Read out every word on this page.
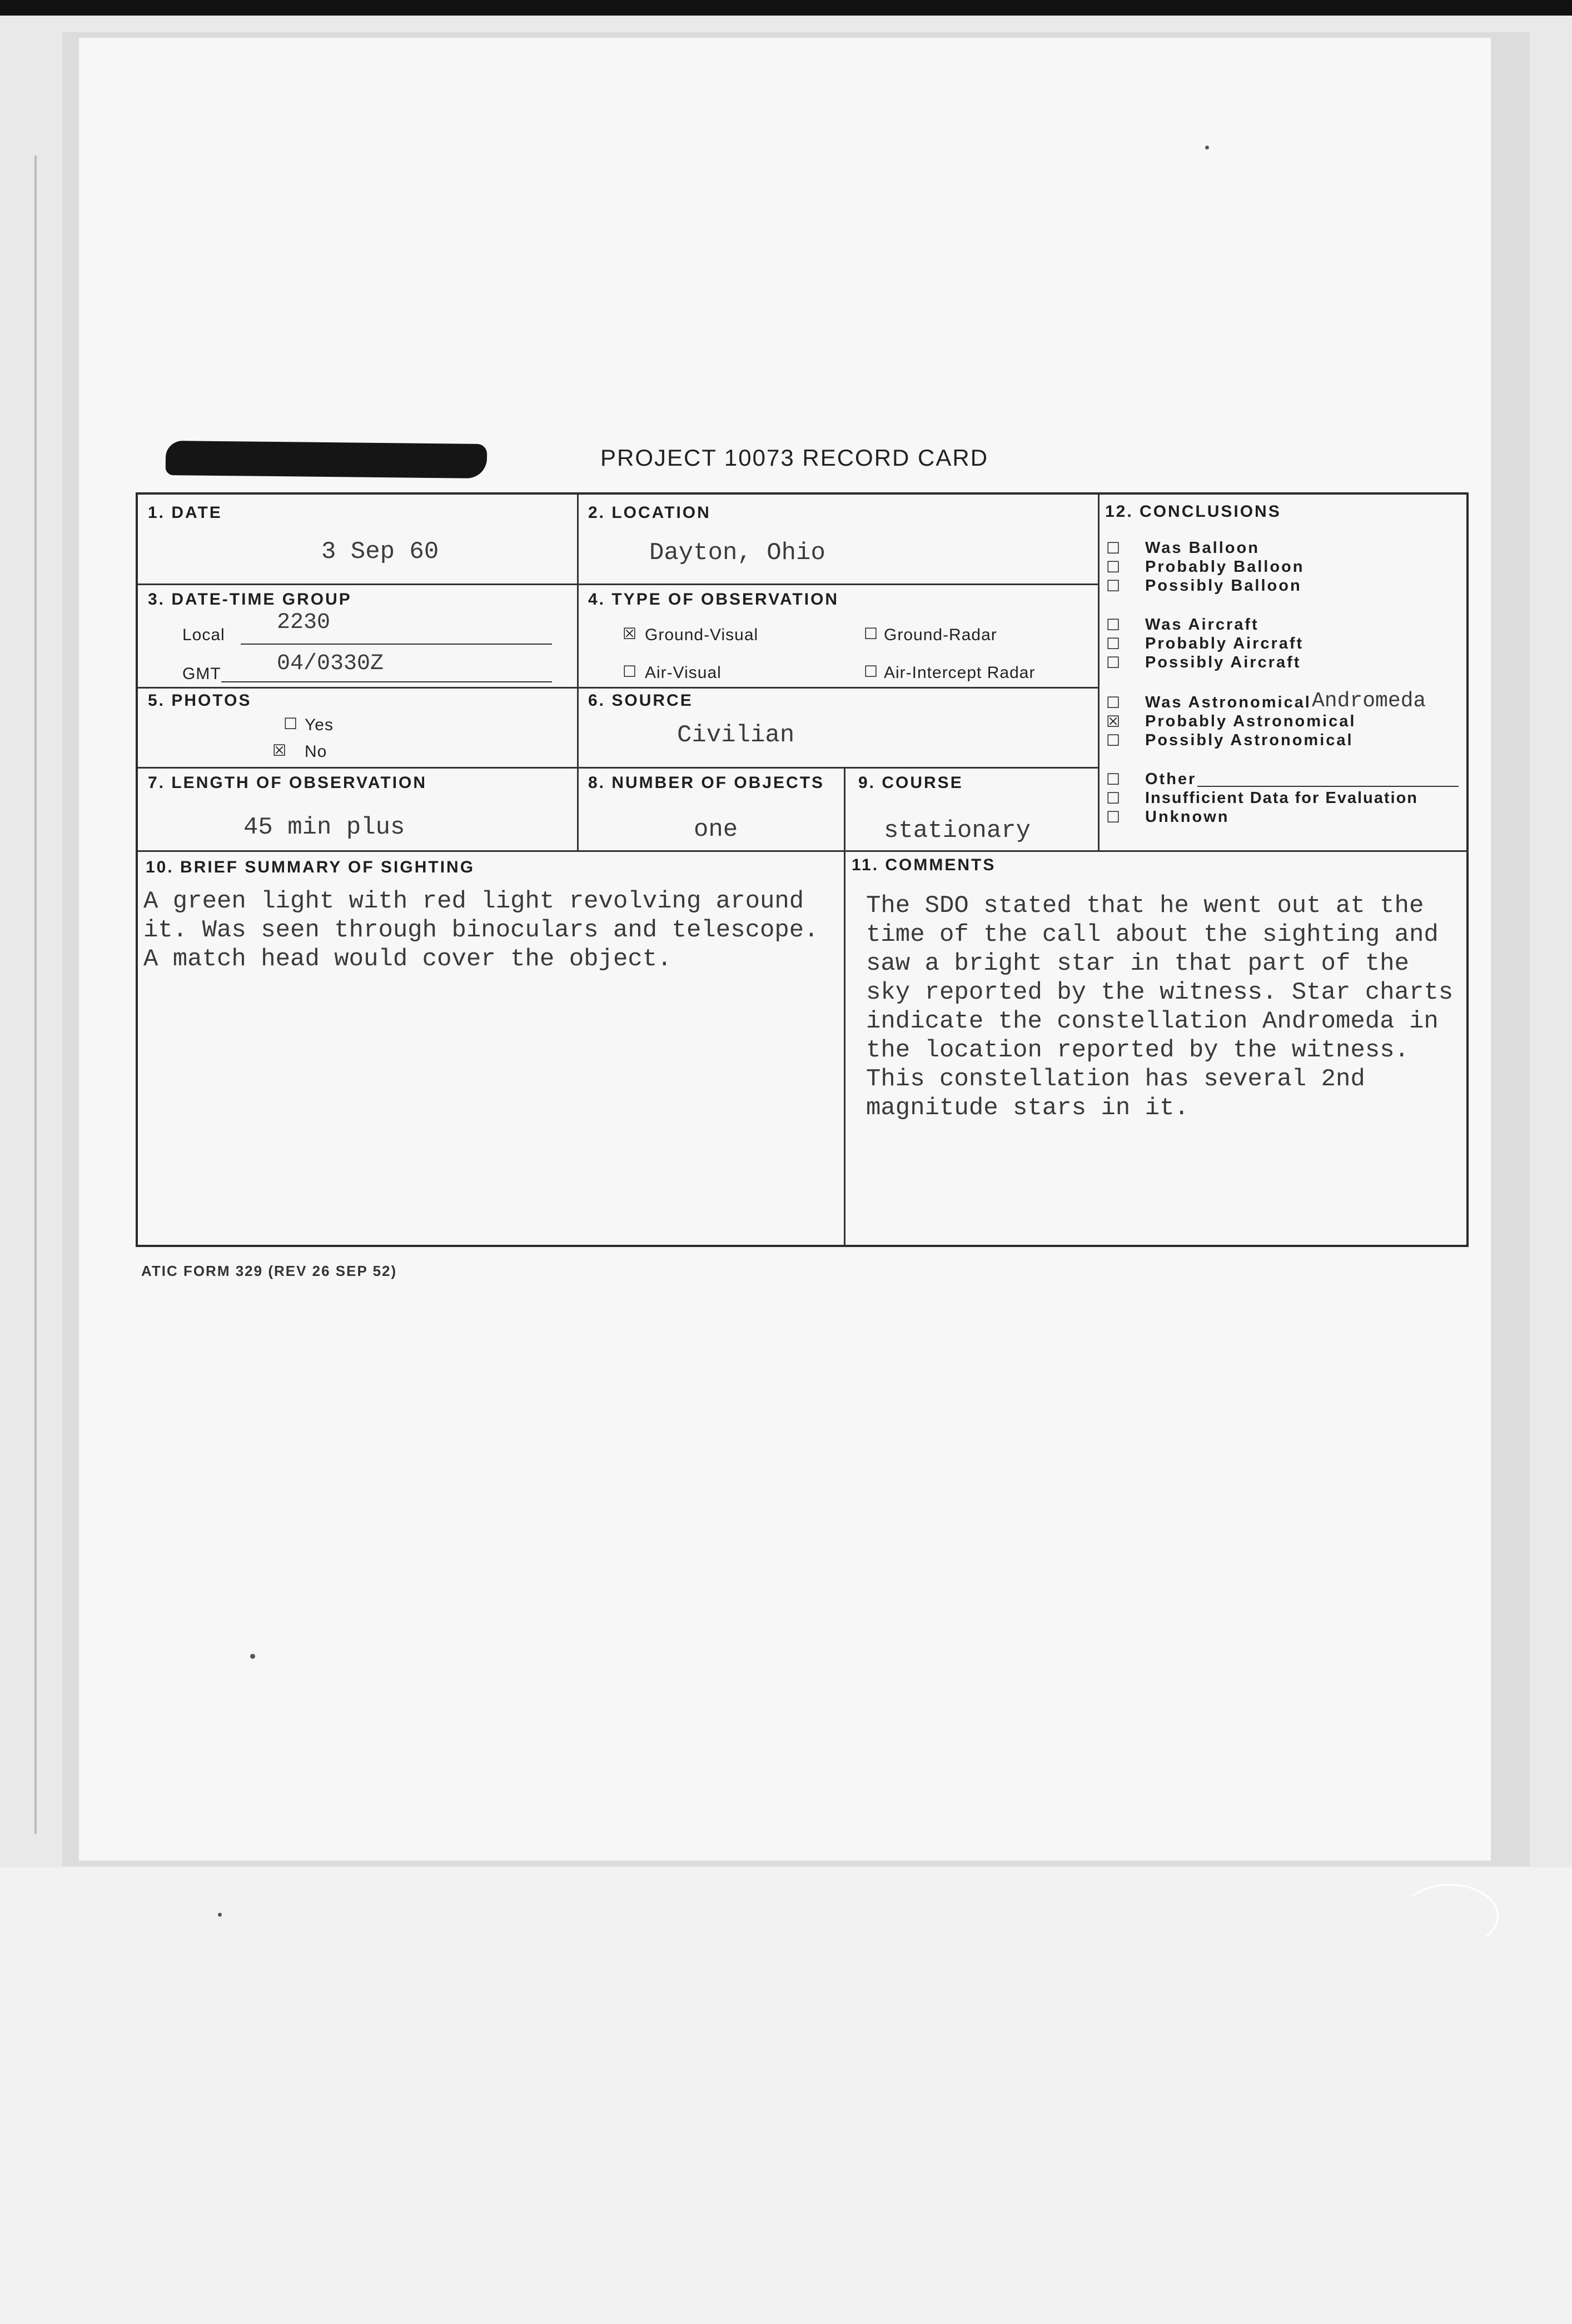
PROJECT 10073 RECORD CARD
1. DATE
3 Sep 60
2. LOCATION
Dayton, Ohio
3. DATE-TIME GROUP
Local 2230
GMT	04/0330Z
4. TYPE OF OBSERVATION
☒ Ground-Visual	☐ Ground-Radar
☐ Air-Visual	☐ Air-Intercept Radar
5. PHOTOS
☐ Yes
☒ No
6. SOURCE
Civilian
7. LENGTH OF OBSERVATION
45 min plus
8. NUMBER OF OBJECTS
one
9. COURSE
stationary
10. BRIEF SUMMARY OF SIGHTING
A green light with red light revolving around
it. Was seen through binoculars and telescope.
A match head would cover the object.
11. COMMENTS
The SDO stated that he went out at the
time of the call about the sighting and
saw a bright star in that part of the
sky reported by the witness. Star charts
indicate the constellation Andromeda in
the location reported by the witness.
This constellation has several 2nd
magnitude stars in it.
12. CONCLUSIONS
☐ Was Balloon
☐ Probably Balloon
☐ Possibly Balloon
☐ Was Aircraft
☐ Probably Aircraft
☐ Possibly Aircraft
☐ Was Astronomical Andromeda
☒ Probably Astronomical
☐ Possibly Astronomical
☐ Other
☐ Insufficient Data for Evaluation
☐ Unknown
ATIC FORM 329 (REV 26 SEP 52)
